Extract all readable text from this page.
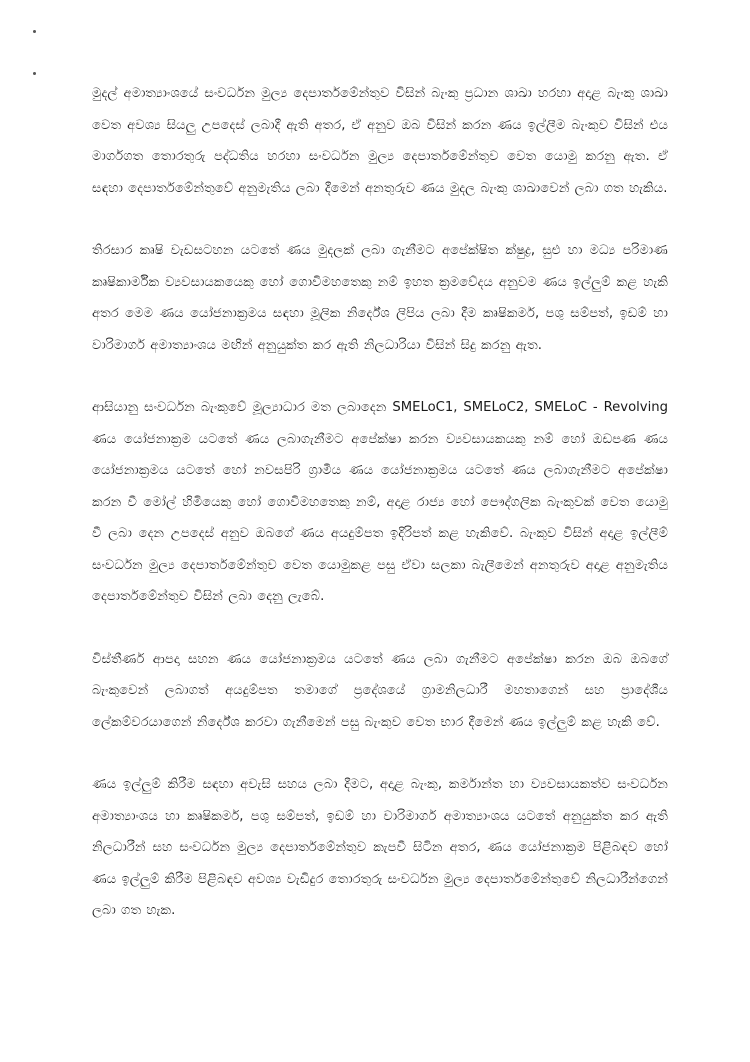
මුදල් අමාත්‍යාංශයේ සංවර්ධන මුල්‍ය දෙපාර්තමේන්තුව විසින් බැංකු ප්‍රධාන ශාඛා හරහා අදාළ බැංකු ශාඛා වෙත අවශ්‍ය සියලු උපදෙස් ලබාදී ඇති අතර, ඒ අනුව ඔබ විසින් කරන ණය ඉල්ලීම බැංකුව විසින් එය මාර්ගගත තොරතුරු පද්ධතිය හරහා සංවර්ධන මුල්‍ය දෙපාර්තමේන්තුව වෙත යොමු කරනු ඇත. ඒ සඳහා දෙපාර්තමේන්තුවේ අනුමැතිය ලබා දීමෙන් අනතුරුව ණය මුදල බැංකු ශාඛාවෙන් ලබා ගත හැකිය.

තිරසාර කෘෂි වැඩසටහන යටතේ ණය මුදලක් ලබා ගැනීමට අපේක්ෂිත ක්ෂුද්‍ර, සුළු හා මධ්‍ය පරිමාණ කෘෂිකාර්මික ව්‍යවසායකයෙකු හෝ ගොවිමහතෙකු නම් ඉහත ක්‍රමවේදය අනුවම ණය ඉල්ලුම් කළ හැකි අතර මෙම ණය යෝජනාක්‍රමය සඳහා මූලික නිර්දේශ ලිපිය ලබා දීම කෘෂිකර්ම, පශු සම්පත්, ඉඩම් හා වාරිමාර්ග අමාත්‍යාංශය මඟින් අනුයුක්ත කර ඇති නිලධාරියා විසින් සිදු කරනු ඇත.

ආසියානු සංවර්ධන බැංකුවේ මූල්‍යාධාර මත ලබාදෙන SMELoC1, SMELoC2, SMELoC - Revolving ණය යෝජනාක්‍රම යටතේ ණය ලබාගැනීමට අපේක්ෂා කරන ව්‍යවසායකයකු නම් හෝ ඔඩපණ ණය යෝජනාක්‍රමය යටතේ හෝ නවසපිරි ග්‍රාමීය ණය යෝජනාක්‍රමය යටතේ ණය ලබාගැනීමට අපේක්ෂා කරන වී මෝල් හිමියෙකු හෝ ගොවිමහතෙකු නම්, අදාළ රාජ්‍ය හෝ පෞද්ගලික බැංකුවක් වෙත යොමු වී ලබා දෙන උපදෙස් අනුව ඔබගේ ණය අයදුම්පත ඉදිරිපත් කළ හැකිවේ. බැංකුව විසින් අදාළ ඉල්ලීම් සංවර්ධන මුල්‍ය දෙපාර්තමේන්තුව වෙත යොමුකළ පසු ඒවා සලකා බැලීමෙන් අනතුරුව අදාළ අනුමැතිය දෙපාර්තමේන්තුව විසින් ලබා දෙනු ලැබේ.

විස්තීර්ණ ආපදා සහන ණය යෝජනාක්‍රමය යටතේ ණය ලබා ගැනීමට අපේක්ෂා කරන ඔබ ඔබගේ බැංකුවෙන් ලබාගත් අයදුම්පත තමාගේ ප්‍රදේශයේ ග්‍රාමනිලධාරී මහතාගෙන් සහ ප්‍රාදේශීය ලේකම්වරයාගෙන් නිර්දේශ කරවා ගැනීමෙන් පසු බැංකුව වෙත භාර දීමෙන් ණය ඉල්ලුම් කළ හැකි වේ.

ණය ඉල්ලුම් කිරීම සඳහා අවැසි සහය ලබා දීමට, අදාළ බැංකු, කර්මාන්ත හා ව්‍යවසායකත්ව සංවර්ධන අමාත්‍යාංශය හා කෘෂිකර්ම, පශු සම්පත්, ඉඩම් හා වාරිමාර්ග අමාත්‍යාංශය යටතේ අනුයුක්ත කර ඇති නිලධාරීන් සහ සංවර්ධන මුල්‍ය දෙපාර්තමේන්තුව කැපවී සිටින අතර, ණය යෝජනාක්‍රම පිළිබඳව හෝ ණය ඉල්ලුම් කිරීම පිළිබඳව අවශ්‍ය වැඩිදුර තොරතුරු සංවර්ධන මුල්‍ය දෙපාර්තමේන්තුවේ නිලධාරීන්ගෙන් ලබා ගත හැක.
